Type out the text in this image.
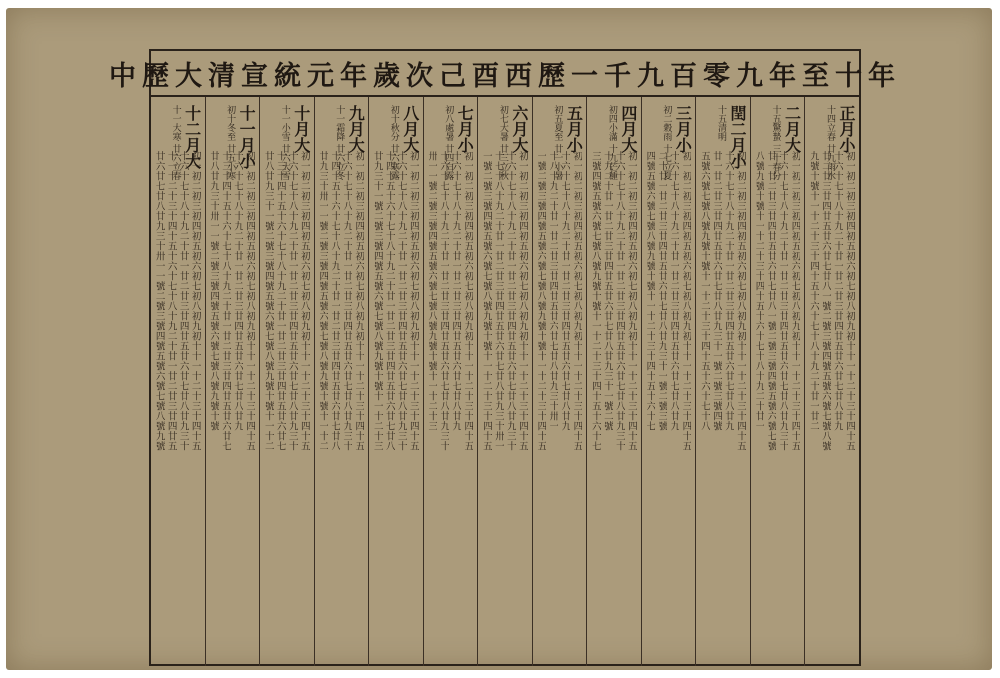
中歷大清宣統元年歲次己酉西歷一千九百零九年至十年
正月小
十四立春 廿九雨水
初一初二初三初四初五初六初七初八初九初十十一十二十三十四十五
十六十七十八十九二十廿一廿二廿三廿四廿五廿六廿七廿八廿九
廿二廿三廿四廿五廿六廿七廿八一號二號三號四號五號六號七號八號
九號十號十一十二十三十四十五十六十七十八十九二十廿一廿二
二月大
十五驚蟄 三十春分
初一初二初三初四初五初六初七初八初九初十十一十二十三十四十五
十六十七十八十九二十廿一廿二廿三廿四廿五廿六廿七廿八廿九三十
廿一廿二廿三廿四廿五廿六廿七廿八一號二號三號四號五號六號七號
八號九號十號十一十二十三十四十五十六十七十八十九二十廿一
閏二月小
十五清明
初一初二初三初四初五初六初七初八初九初十十一十二十三十四十五
十六十七十八十九二十廿一廿二廿三廿四廿五廿六廿七廿八廿九
廿一廿二廿三廿四廿五廿六廿七廿八廿九三十一號二號三號四號
五號六號七號八號九號十號十一十二十三十四十五十六十七十八
三月小
初二穀雨 十七立夏
初一初二初三初四初五初六初七初八初九初十十一十二十三十四十五
十六十七十八十九二十廿一廿二廿三廿四廿五廿六廿七廿八廿九
二十廿一廿二廿三廿四廿五廿六廿七廿八廿九三十一號二號三號
四號五號六號七號八號九號十號十一十二十三十四十五十六十七
四月大
初四小滿 十九芒種
初一初二初三初四初五初六初七初八初九初十十一十二十三十四十五
十六十七十八十九二十廿一廿二廿三廿四廿五廿六廿七廿八廿九三十
十九二十廿一廿二廿三廿四廿五廿六廿七廿八廿九三十一號二號
三號四號五號六號七號八號九號十號十一十二十三十四十五十六十七
五月小
初五夏至 廿一小暑
初一初二初三初四初五初六初七初八初九初十十一十二十三十四十五
十六十七十八十九二十廿一廿二廿三廿四廿五廿六廿七廿八廿九
十八十九二十廿一廿二廿三廿四廿五廿六廿七廿八廿九三十卅一
一號二號三號四號五號六號七號八號九號十號十一十二十三十四十五
六月大
初七大暑 廿三立秋
初一初二初三初四初五初六初七初八初九初十十一十二十三十四十五
十六十七十八十九二十廿一廿二廿三廿四廿五廿六廿七廿八廿九三十
十七十八十九二十廿一廿二廿三廿四廿五廿六廿七廿八廿九三十卅一
一號二號三號四號五號六號七號八號九號十號十一十二十三十四十五
七月小
初八處暑 廿四白露
初一初二初三初四初五初六初七初八初九初十十一十二十三十四十五
十六十七十八十九二十廿一廿二廿三廿四廿五廿六廿七廿八廿九
十六十七十八十九二十廿一廿二廿三廿四廿五廿六廿七廿八廿九三十
卅一一號二號三號四號五號六號七號八號九號十號十一十二十三
八月大
初十秋分 廿六寒露
初一初二初三初四初五初六初七初八初九初十十一十二十三十四十五
十六十七十八十九二十廿一廿二廿三廿四廿五廿六廿七廿八廿九三十
十四十五十六十七十八十九二十廿一廿二廿三廿四廿五廿六廿七廿八
廿九三十一號二號三號四號五號六號七號八號九號十號十一十二十三
九月大
十一霜降 廿六立冬
初一初二初三初四初五初六初七初八初九初十十一十二十三十四十五
十六十七十八十九二十廿一廿二廿三廿四廿五廿六廿七廿八廿九三十
十四十五十六十七十八十九二十廿一廿二廿三廿四廿五廿六廿七廿八
廿九三十卅一一號二號三號四號五號六號七號八號九號十號十一十二
十月大
十一小雪 廿六大雪
初一初二初三初四初五初六初七初八初九初十十一十二十三十四十五
十六十七十八十九二十廿一廿二廿三廿四廿五廿六廿七廿八廿九三十
十三十四十五十六十七十八十九二十廿一廿二廿三廿四廿五廿六廿七
廿八廿九三十一號二號三號四號五號六號七號八號九號十號十一十二
十一月小
初十冬至 廿五小寒
初一初二初三初四初五初六初七初八初九初十十一十二十三十四十五
十六十七十八十九二十廿一廿二廿三廿四廿五廿六廿七廿八廿九
十三十四十五十六十七十八十九二十廿一廿二廿三廿四廿五廿六廿七
廿八廿九三十卅一一號二號三號四號五號六號七號八號九號十號
十二月大
十一大寒 廿六立春
初一初二初三初四初五初六初七初八初九初十十一十二十三十四十五
十六十七十八十九二十廿一廿二廿三廿四廿五廿六廿七廿八廿九三十
十一十二十三十四十五十六十七十八十九二十廿一廿二廿三廿四廿五
廿六廿七廿八廿九三十卅一一號二號三號四號五號六號七號八號九號
